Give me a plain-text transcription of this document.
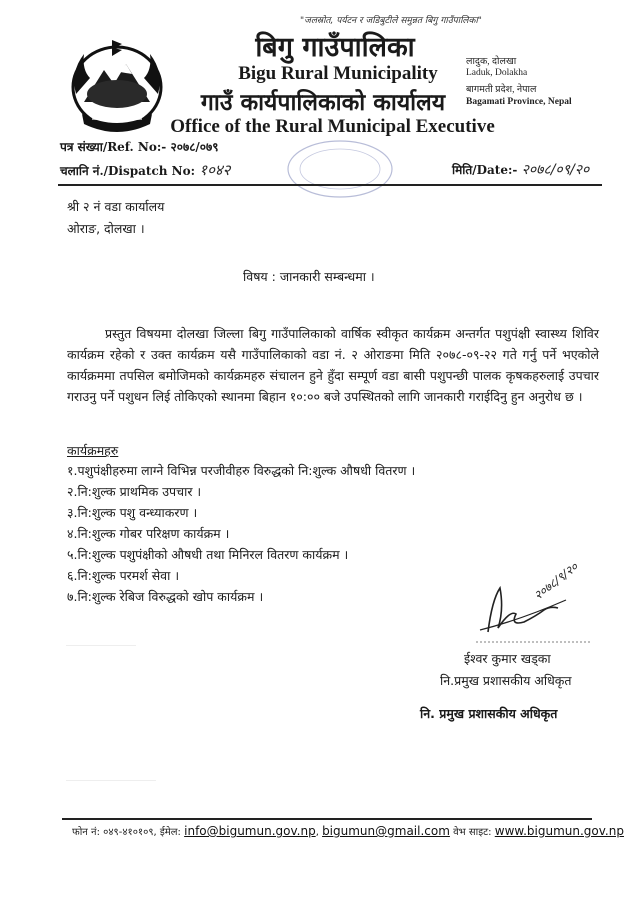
"जलस्रोत, पर्यटन र जडिबुटीले समुन्नत बिगु गाउँपालिका"
बिगु गाउँपालिका
Bigu Rural Municipality
गाउँ कार्यपालिकाको कार्यालय
Office of the Rural Municipal Executive
लादुक, दोलखा
Laduk, Dolakha
बागमती प्रदेश, नेपाल
Bagamati Province, Nepal
पत्र संख्या/Ref. No:- २०७८/०७९
चलानि नं./Dispatch No: १०४२	मिति/Date:- २०७८/०९/२०
श्री २ नं वडा कार्यालय
ओराङ, दोलखा ।
विषय : जानकारी सम्बन्धमा ।
प्रस्तुत विषयमा दोलखा जिल्ला बिगु गाउँपालिकाको वार्षिक स्वीकृत कार्यक्रम अन्तर्गत पशुपंक्षी स्वास्थ्य शिविर कार्यक्रम रहेको र उक्त कार्यक्रम यसै गाउँपालिकाको वडा नं. २ ओराङमा मिति २०७८-०९-२२ गते गर्नु पर्ने भएकोले कार्यक्रममा तपसिल बमोजिमको कार्यक्रमहरु संचालन हुने हुँदा सम्पूर्ण वडा बासी पशुपन्छी पालक कृषकहरुलाई उपचार गराउनु पर्ने पशुधन लिई तोकिएको स्थानमा बिहान १०:०० बजे उपस्थितको लागि जानकारी गराईदिनु हुन अनुरोध छ ।
कार्यक्रमहरु
१.पशुपंक्षीहरुमा लाग्ने विभिन्न परजीवीहरु विरुद्धको नि:शुल्क औषधी वितरण ।
२.नि:शुल्क प्राथमिक उपचार ।
३.नि:शुल्क पशु वन्ध्याकरण ।
४.नि:शुल्क गोबर परिक्षण कार्यक्रम ।
५.नि:शुल्क पशुपंक्षीको औषधी तथा मिनिरल वितरण कार्यक्रम ।
६.नि:शुल्क परमर्श सेवा ।
७.नि:शुल्क रेबिज विरुद्धको खोप कार्यक्रम ।	२०७८/९/२०
ईश्वर कुमार खड्का
नि.प्रमुख प्रशासकीय अधिकृत
नि. प्रमुख प्रशासकीय अधिकृत
फोन नं: ०४९-४१०१०९, ईमेल: info@bigumun.gov.np, bigumun@gmail.com वेभ साइट: www.bigumun.gov.np
